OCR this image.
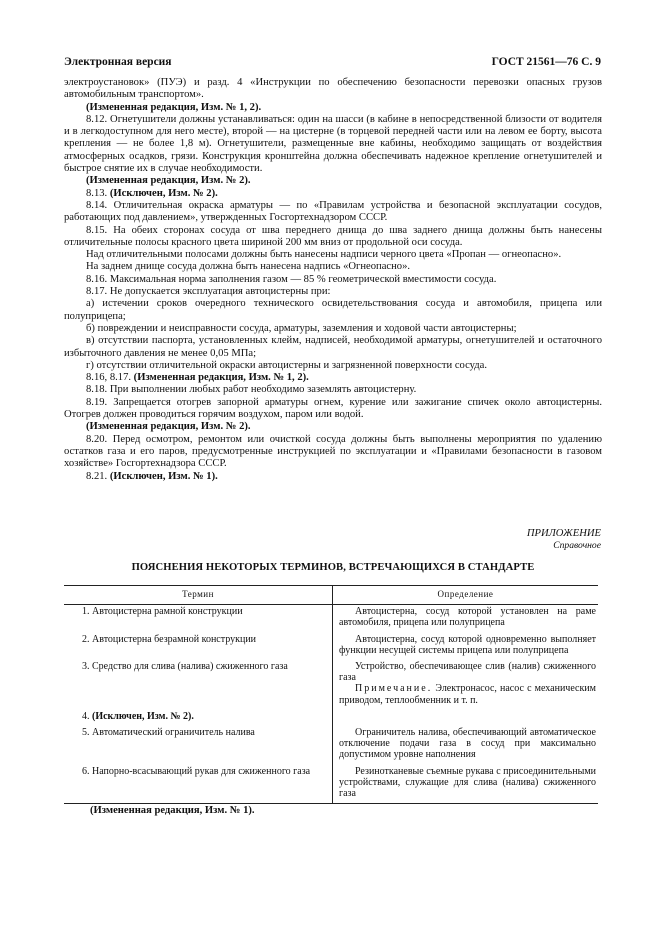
Электронная версия	ГОСТ 21561—76 С. 9

электроустановок» (ПУЭ) и разд. 4 «Инструкции по обеспечению безопасности перевозки опасных грузов автомобильным транспортом».

(Измененная редакция, Изм. № 1, 2).

8.12. Огнетушители должны устанавливаться: один на шасси (в кабине в непосредственной близости от водителя и в легкодоступном для него месте), второй — на цистерне (в торцевой передней части или на левом ее борту, высота крепления — не более 1,8 м). Огнетушители, размещенные вне кабины, необходимо защищать от воздействия атмосферных осадков, грязи. Конструкция кронштейна должна обеспечивать надежное крепление огнетушителей и быстрое снятие их в случае необходимости.

(Измененная редакция, Изм. № 2).

8.13. (Исключен, Изм. № 2).

8.14. Отличительная окраска арматуры — по «Правилам устройства и безопасной эксплуатации сосудов, работающих под давлением», утвержденных Госгортехнадзором СССР.

8.15. На обеих сторонах сосуда от шва переднего днища до шва заднего днища должны быть нанесены отличительные полосы красного цвета шириной 200 мм вниз от продольной оси сосуда.

Над отличительными полосами должны быть нанесены надписи черного цвета «Пропан — огнеопасно».

На заднем днище сосуда должна быть нанесена надпись «Огнеопасно».

8.16. Максимальная норма заполнения газом — 85 % геометрической вместимости сосуда.

8.17. Не допускается эксплуатация автоцистерны при:

а) истечении сроков очередного технического освидетельствования сосуда и автомобиля, прицепа или полуприцепа;

б) повреждении и неисправности сосуда, арматуры, заземления и ходовой части автоцистерны;

в) отсутствии паспорта, установленных клейм, надписей, необходимой арматуры, огнетушителей и остаточного избыточного давления не менее 0,05 МПа;

г) отсутствии отличительной окраски автоцистерны и загрязненной поверхности сосуда.

8.16, 8.17. (Измененная редакция, Изм. № 1, 2).

8.18. При выполнении любых работ необходимо заземлять автоцистерну.

8.19. Запрещается отогрев запорной арматуры огнем, курение или зажигание спичек около автоцистерны. Отогрев должен проводиться горячим воздухом, паром или водой.

(Измененная редакция, Изм. № 2).

8.20. Перед осмотром, ремонтом или очисткой сосуда должны быть выполнены мероприятия по удалению остатков газа и его паров, предусмотренные инструкцией по эксплуатации и «Правилами безопасности в газовом хозяйстве» Госгортехнадзора СССР.

8.21. (Исключен, Изм. № 1).

ПРИЛОЖЕНИЕ
Справочное
ПОЯСНЕНИЯ НЕКОТОРЫХ ТЕРМИНОВ, ВСТРЕЧАЮЩИХСЯ В СТАНДАРТЕ
Термин	Определение
1. Автоцистерна рамной конструкции	Автоцистерна, сосуд которой установлен на раме автомобиля, прицепа или полуприцепа

2. Автоцистерна безрамной конструкции	Автоцистерна, сосуд которой одновременно выполняет функции несущей системы прицепа или полуприцепа

3. Средство для слива (налива) сжиженного газа	Устройство, обеспечивающее слив (налив) сжиженного газа
Примечание. Электронасос, насос с механическим приводом, теплообменник и т. п.

4. (Исключен, Изм. № 2).	
5. Автоматический ограничитель налива	Ограничитель налива, обеспечивающий автоматическое отключение подачи газа в сосуд при максимально допустимом уровне наполнения

6. Напорно-всасывающий рукав для сжиженного газа	Резинотканевые съемные рукава с присоединительными устройствами, служащие для слива (налива) сжиженного газа
(Измененная редакция, Изм. № 1).
